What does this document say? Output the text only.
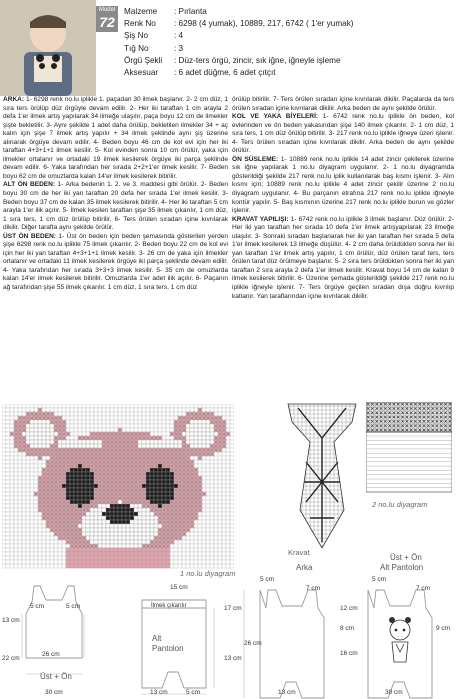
Model
72
Malzeme	: Pırlanta
Renk No	: 6298 (4 yumak), 10889, 217, 6742 ( 1'er yumak)
Şiş No	: 4
Tığ No	: 3
Örgü Şekli	: Düz-ters örgü, zincir, sık iğne, iğneyle işleme
Aksesuar	: 6 adet düğme, 6 adet çıtçıt

ARKA: 1- 6298 renk no.lu iplikle 1. paçadan 30 ilmek başlanır. 2- 2 cm düz, 1 sıra ters örülüp düz örgüyle devam edilir. 2- Her iki taraftan 1 cm arayla 2 defa 1'er ilmek artış yapılarak 34 ilmeğe ulaşılır, paça boyu 12 cm de ilmekler şişte bekletilir. 3- Aynı şekilde 1 adet daha örülüp, bekletilen ilmekler 34 + aç kalın için şişe 7 ilmek artış yapılır + 34 ilmek şeklinde aynı şiş üzerine alınarak örgüye devam edilir. 4- Beden boyu 46 cm de kol evi için her iki taraftan 4+3+1+1 ilmek kesilir. 5- Kol evinden sonra 10 cm örülür, yaka için ilmekler ortalanır ve ortadaki 19 ilmek kesilerek örgüye iki parça şeklinde devam edilir. 6- Yaka tarafından her sırada 2+2+1'er ilmek kesilir. 7- Beden boyu 62 cm de omuzlarda kalan 14'er ilmek kesilerek bitirilir.

ALT ÖN BEDEN: 1- Arka bedenin 1. 2. ve 3. maddesi gibi örülür. 2- Beden boyu 30 cm de her iki yan taraftan 20 defa her sırada 1'er ilmek kesilir. 3- Beden boyu 37 cm de kalan 35 ilmek kesilerek bitirilir. 4- Her iki taraftan 5 cm arayla 1'er ilik açılır. 5- İlmek kesilen taraftan şişe 35 ilmek çıkarılır, 1 cm düz, 1 sıra ters, 1 cm düz örülüp bitirilir. 6- Ters örülen sıradan içine kıvrılarak dikilir. Diğer tarafta aynı şekilde örülür.

ÜST ÖN BEDEN: 1- Üst ön beden için beden şemasında gösterilen yerden şişe 6298 renk no.lu iplikle 75 ilmek çıkarılır. 2- Beden boyu 22 cm de kol evi için her iki yan taraftan 4+3+1+1 ilmek kesilir. 3- 26 cm de yaka için ilmekler ortalanır ve ortadaki 11 ilmek kesilerek örgüye iki parça şeklinde devam edilir. 4- Yaka tarafından her sırada 3+3+3 ilmek kesilir. 5- 35 cm de omuzlarda kalan 14'er ilmek kesilerek bitirilir. Omuzlarda 1'er adet ilik açılır. 6- Paçanın ağ tarafından şişe 55 ilmek çıkarılır. 1 cm düz, 1 sıra ters, 1 cm düz

örülüp bitirilir. 7- Ters örülen sıradan içine kıvrılarak dikilir. Paçalarda da ters örülen sıradan içine kıvrılarak dikilir. Arka beden de aynı şekilde örülür.

KOL VE YAKA BİYELERİ: 1- 6742 renk no.lu iplikle ön beden, kol evlerinden ve ön beden yakasından şişe 140 ilmek çıkarılır. 2- 1 cm düz, 1 sıra ters, 1 cm düz örülüp bitirilir. 3- 217 renk no.lu iplikle iğneye üzeri işlenir. 4- Ters örülen sıradan içine kıvrılarak dikilir. Arka beden de aynı şekilde örülür.

ÖN SÜSLEME: 1- 10889 renk no.lu iplikle 14 adet zincir çekilerek üzerine sık iğne yapılarak 1 no.lu diyagram uygulanır. 2- 1 no.lu diyagramda gösterildiği şekilde 217 renk no.lu iplik kullanılarak baş kısmı işlenir. 3- Alın kısmı için; 10889 renk no.lu iplikle 4 adet zincir çekilir üzerine 2 no.lu diyagram uygulanır. 4- Bu parçanın etrafına 217 renk no.lu iplikle iğneyle kontür yapılır. 5- Baş kısmının üzerine 217 renk no.lu iplikle burun ve gözler işlenir.

KRAVAT YAPILIŞI: 1- 6742 renk no.lu iplikle 3 ilmek başlanır. Düz örülür. 2- Her iki yan taraftan her sırada 10 defa 1'er ilmek artışyapılarak 23 ilmeğe ulaşılır. 3- Sonraki sıradan başlanarak her iki yan taraftan her sırada 5 defa 1'er ilmek kesilerek 13 ilmeğe düşülür. 4- 2 cm daha örüldükten sonra her iki yan taraftan 1'er ilmek artış yapılır, 1 cm örülür, düz örülen taraf ters, ters örülen taraf düz örülmeye başlanır. 5- 2 sıra ters örüldükten sonra her iki yan taraftan 2 sıra arayla 2 defa 1'er ilmek kesilir. Kravat boyu 14 cm de kalan 9 ilmek kesilerek bitirilir. 6- Üzerine şemada gösterildiği şekilde 217 renk no.lu iplikle iğneyle işlenir. 7- Ters örgüye geçilen sıradan dışa doğru kıvrılıp katlanır. Yan taraflarından içine kıvrılarak dikilir.

1 no.lu diyagram
Kravat
2 no.lu diyagram
15 cm
5 cm	5 cm	17 cm
13 cm
İlmek çıkarılır
Alt Pantolon
26 cm
22 cm	13 cm
Üst + Ön
30 cm	13 cm	5 cm
Arka
Üst + Ön
Alt Pantolon
5 cm	5 cm
7 cm	7 cm
12 cm
8 cm	9 cm
26 cm
16 cm
13 cm	30 cm
